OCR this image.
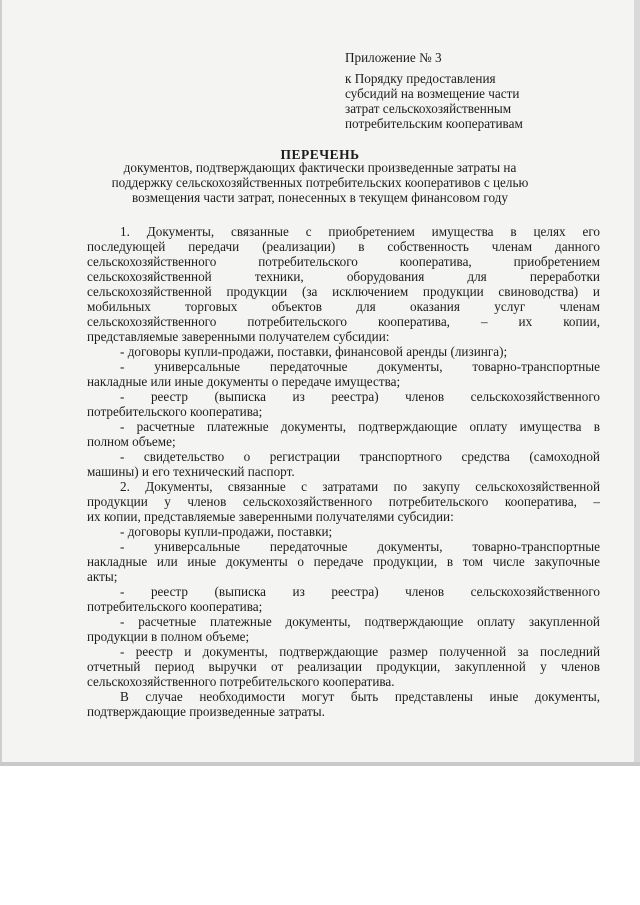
Приложение № 3
к Порядку предоставления
субсидий на возмещение части
затрат сельскохозяйственным
потребительским кооперативам
ПЕРЕЧЕНЬ
документов, подтверждающих фактически произведенные затраты на
поддержку сельскохозяйственных потребительских кооперативов с целью
возмещения части затрат, понесенных в текущем финансовом году
1. Документы, связанные с приобретением имущества в целях его
последующей передачи (реализации) в собственность членам данного
сельскохозяйственного потребительского кооператива, приобретением
сельскохозяйственной техники, оборудования для переработки
сельскохозяйственной продукции (за исключением продукции свиноводства) и
мобильных торговых объектов для оказания услуг членам
сельскохозяйственного потребительского кооператива, – их копии,
представляемые заверенными получателем субсидии:
- договоры купли-продажи, поставки, финансовой аренды (лизинга);
- универсальные передаточные документы, товарно-транспортные
накладные или иные документы о передаче имущества;
- реестр (выписка из реестра) членов сельскохозяйственного
потребительского кооператива;
- расчетные платежные документы, подтверждающие оплату имущества в
полном объеме;
- свидетельство о регистрации транспортного средства (самоходной
машины) и его технический паспорт.
2. Документы, связанные с затратами по закупу сельскохозяйственной
продукции у членов сельскохозяйственного потребительского кооператива, –
их копии, представляемые заверенными получателями субсидии:
- договоры купли-продажи, поставки;
- универсальные передаточные документы, товарно-транспортные
накладные или иные документы о передаче продукции, в том числе закупочные
акты;
- реестр (выписка из реестра) членов сельскохозяйственного
потребительского кооператива;
- расчетные платежные документы, подтверждающие оплату закупленной
продукции в полном объеме;
- реестр и документы, подтверждающие размер полученной за последний
отчетный период выручки от реализации продукции, закупленной у членов
сельскохозяйственного потребительского кооператива.
В случае необходимости могут быть представлены иные документы,
подтверждающие произведенные затраты.
